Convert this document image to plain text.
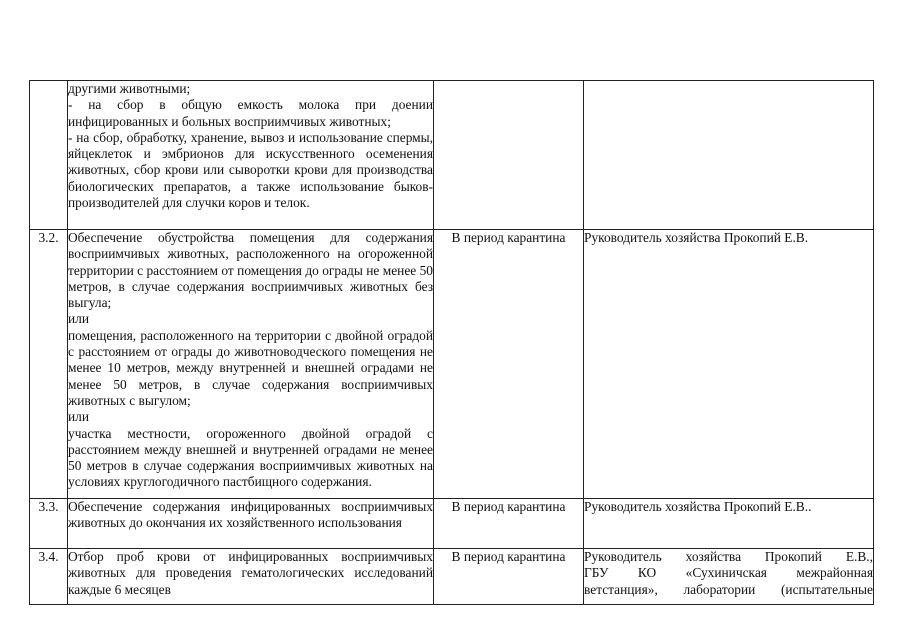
	другими животными;
- на сбор в общую емкость молока при доении инфицированных и больных восприимчивых животных;
- на сбор, обработку, хранение, вывоз и использование спермы, яйцеклеток и эмбрионов для искусственного осеменения животных, сбор крови или сыворотки крови для производства биологических препаратов, а также использование быков-производителей для случки коров и телок.		

3.2.	Обеспечение обустройства помещения для содержания восприимчивых животных, расположенного на огороженной территории с расстоянием от помещения до ограды не менее 50 метров, в случае содержания восприимчивых животных без выгула;
или
помещения, расположенного на территории с двойной оградой с расстоянием от ограды до животноводческого помещения не менее 10 метров, между внутренней и внешней оградами не менее 50 метров, в случае содержания восприимчивых животных с выгулом;
или
участка местности, огороженного двойной оградой с расстоянием между внешней и внутренней оградами не менее 50 метров в случае содержания восприимчивых животных на условиях круглогодичного пастбищного содержания.	В период карантина	Руководитель хозяйства Прокопий Е.В.
3.3.	Обеспечение содержания инфицированных восприимчивых животных до окончания их хозяйственного использования	В период карантина	Руководитель хозяйства Прокопий Е.В..
3.4.	Отбор проб крови от инфицированных восприимчивых животных для проведения гематологических исследований каждые 6 месяцев	В период карантина	Руководитель хозяйства Прокопий Е.В.,
ГБУ КО «Сухиничская межрайонная
ветстанция», лаборатории (испытательные
